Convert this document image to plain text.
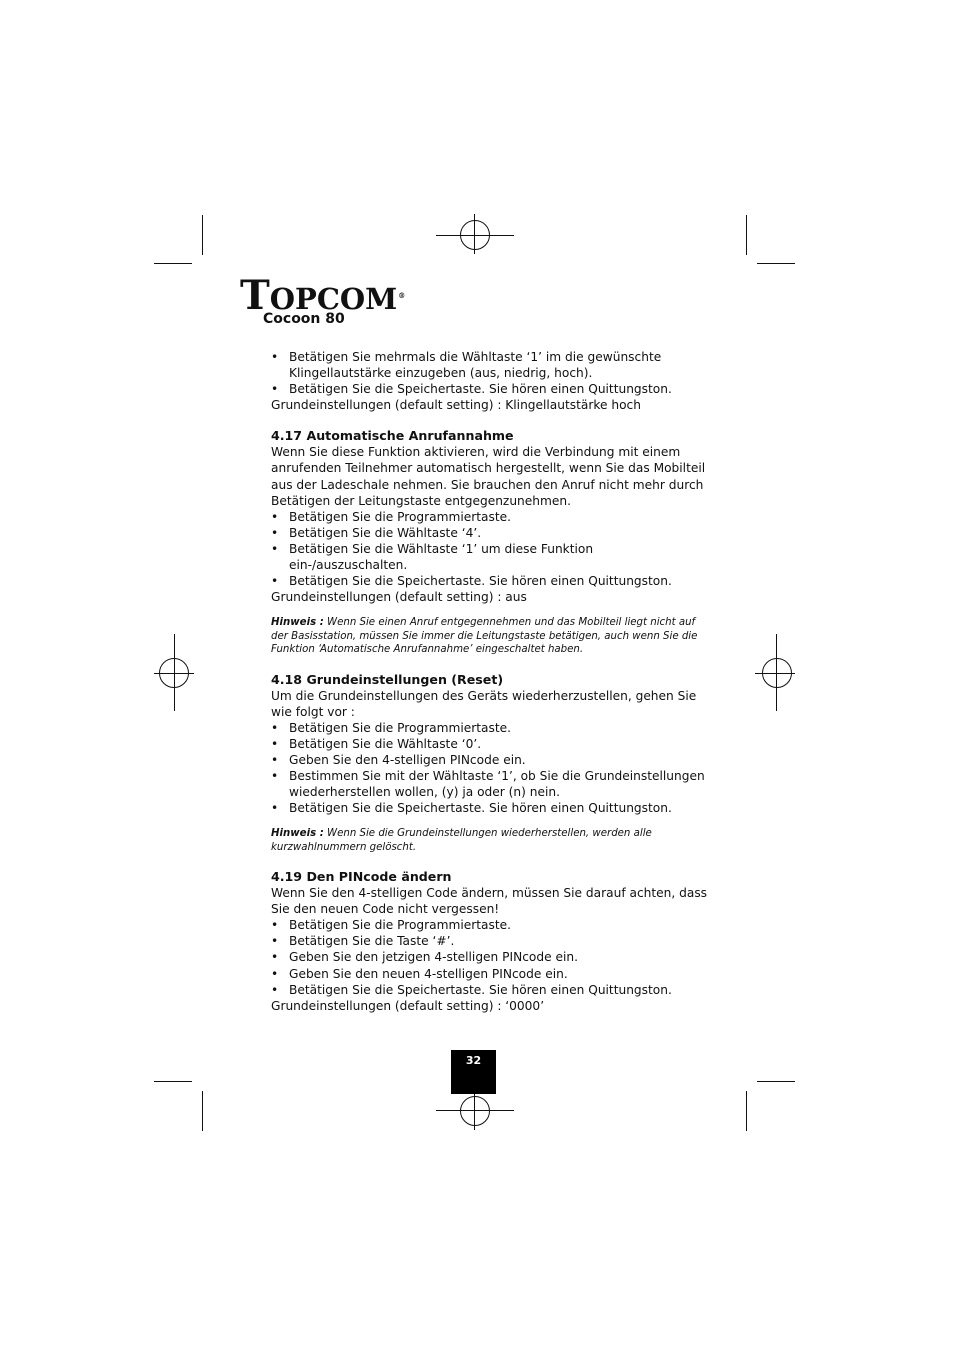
TOPCOM®
Cocoon 80
• Betätigen Sie mehrmals die Wähltaste ‘1’ im die gewünschte Klingellautstärke einzugeben (aus, niedrig, hoch).
• Betätigen Sie die Speichertaste. Sie hören einen Quittungston.

Grundeinstellungen (default setting) : Klingellautstärke hoch

4.17 Automatische Anrufannahme

Wenn Sie diese Funktion aktivieren, wird die Verbindung mit einem anrufenden Teilnehmer automatisch hergestellt, wenn Sie das Mobilteil aus der Ladeschale nehmen. Sie brauchen den Anruf nicht mehr durch Betätigen der Leitungstaste entgegenzunehmen.

• Betätigen Sie die Programmiertaste.
• Betätigen Sie die Wähltaste ‘4’.
• Betätigen Sie die Wähltaste ‘1’ um diese Funktion ein-/auszuschalten.
• Betätigen Sie die Speichertaste. Sie hören einen Quittungston.

Grundeinstellungen (default setting) : aus

Hinweis : Wenn Sie einen Anruf entgegennehmen und das Mobilteil liegt nicht auf der Basisstation, müssen Sie immer die Leitungstaste betätigen, auch wenn Sie die Funktion ‘Automatische Anrufannahme’ eingeschaltet haben.

4.18 Grundeinstellungen (Reset)

Um die Grundeinstellungen des Geräts wiederherzustellen, gehen Sie wie folgt vor :

• Betätigen Sie die Programmiertaste.
• Betätigen Sie die Wähltaste ‘0’.
• Geben Sie den 4-stelligen PINcode ein.
• Bestimmen Sie mit der Wähltaste ‘1’, ob Sie die Grundeinstellungen wiederherstellen wollen, (y) ja oder (n) nein.
• Betätigen Sie die Speichertaste. Sie hören einen Quittungston.

Hinweis : Wenn Sie die Grundeinstellungen wiederherstellen, werden alle kurzwahlnummern gelöscht.

4.19 Den PINcode ändern

Wenn Sie den 4-stelligen Code ändern, müssen Sie darauf achten, dass Sie den neuen Code nicht vergessen!

• Betätigen Sie die Programmiertaste.
• Betätigen Sie die Taste ‘#’.
• Geben Sie den jetzigen 4-stelligen PINcode ein.
• Geben Sie den neuen 4-stelligen PINcode ein.
• Betätigen Sie die Speichertaste. Sie hören einen Quittungston.

Grundeinstellungen (default setting) : ‘0000’

32
